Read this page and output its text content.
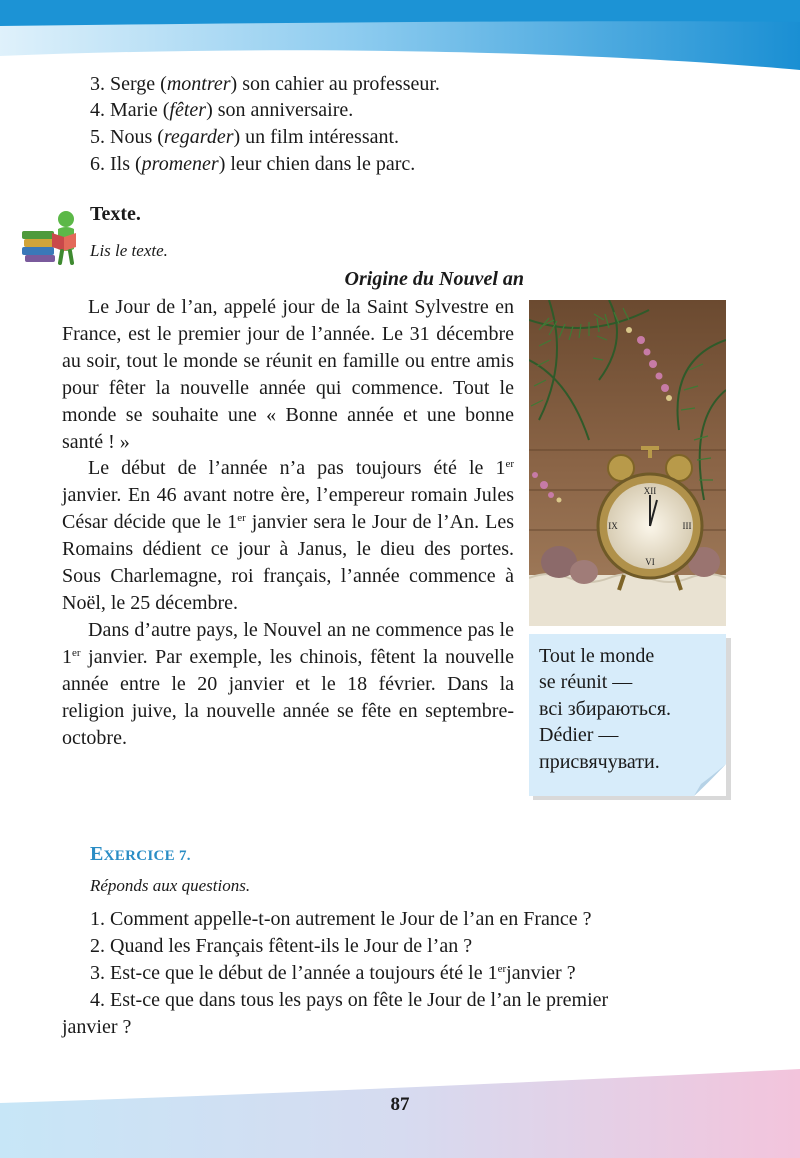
3. Serge (montrer) son cahier au professeur.
4. Marie (fêter) son anniversaire.
5. Nous (regarder) un film intéressant.
6. Ils (promener) leur chien dans le parc.
Texte.
Lis le texte.
Origine du Nouvel an

Le Jour de l’an, appelé jour de la Saint Sylvestre en France, est le premier jour de l’année. Le 31 décembre au soir, tout le monde se réunit en famille ou entre amis pour fêter la nouvelle année qui commence. Tout le monde se souhaite une « Bonne année et une bonne santé ! »

Le début de l’année n’a pas toujours été le 1er janvier. En 46 avant notre ère, l’empereur romain Jules César décide que le 1er janvier sera le Jour de l’An. Les Romains dédient ce jour à Janus, le dieu des portes. Sous Charlemagne, roi français, l’année commence à Noël, le 25 décembre.

Dans d’autre pays, le Nouvel an ne commence pas le 1er janvier. Par exemple, les chinois, fêtent la nouvelle année entre le 20 janvier et le 18 février. Dans la religion juive, la nouvelle année se fête en septembre-octobre.

XII
VI
III
IX
Tout le monde
se réunit —
всі збираються.
Dédier —
присвячувати.
EXERCICE 7.
Réponds aux questions.
1. Comment appelle-t-on autrement le Jour de l’an en France ?
2. Quand les Français fêtent-ils le Jour de l’an ?
3. Est-ce que le début de l’année a toujours été le 1erjanvier ?
4. Est-ce que dans tous les pays on fête le Jour de l’an le premier
janvier ?
87
